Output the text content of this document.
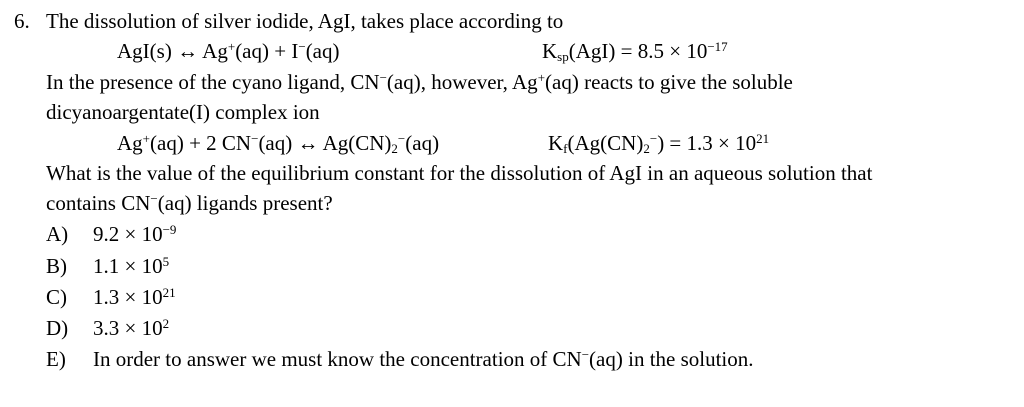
6. The dissolution of silver iodide, AgI, takes place according to
AgI(s) ↔ Ag+(aq) + I−(aq)	$K_{sp}(AgI) = 8.5 \times 10^{-17}$
In the presence of the cyano ligand, CN−(aq), however, Ag+(aq) reacts to give the soluble
dicyanoargentate(I) complex ion
Ag+(aq) + 2 CN−(aq) ↔ $Ag(CN)_2^-(aq)$	$K_f(Ag(CN)_2^-) = 1.3 \times 10^{21}$
What is the value of the equilibrium constant for the dissolution of AgI in an aqueous solution that
contains CN−(aq) ligands present?
A) $9.2 \times 10^{-9}$
B) $1.1 \times 10^5$
C) $1.3 \times 10^{21}$
D) $3.3 \times 10^2$
E) In order to answer we must know the concentration of CN−(aq) in the solution.
